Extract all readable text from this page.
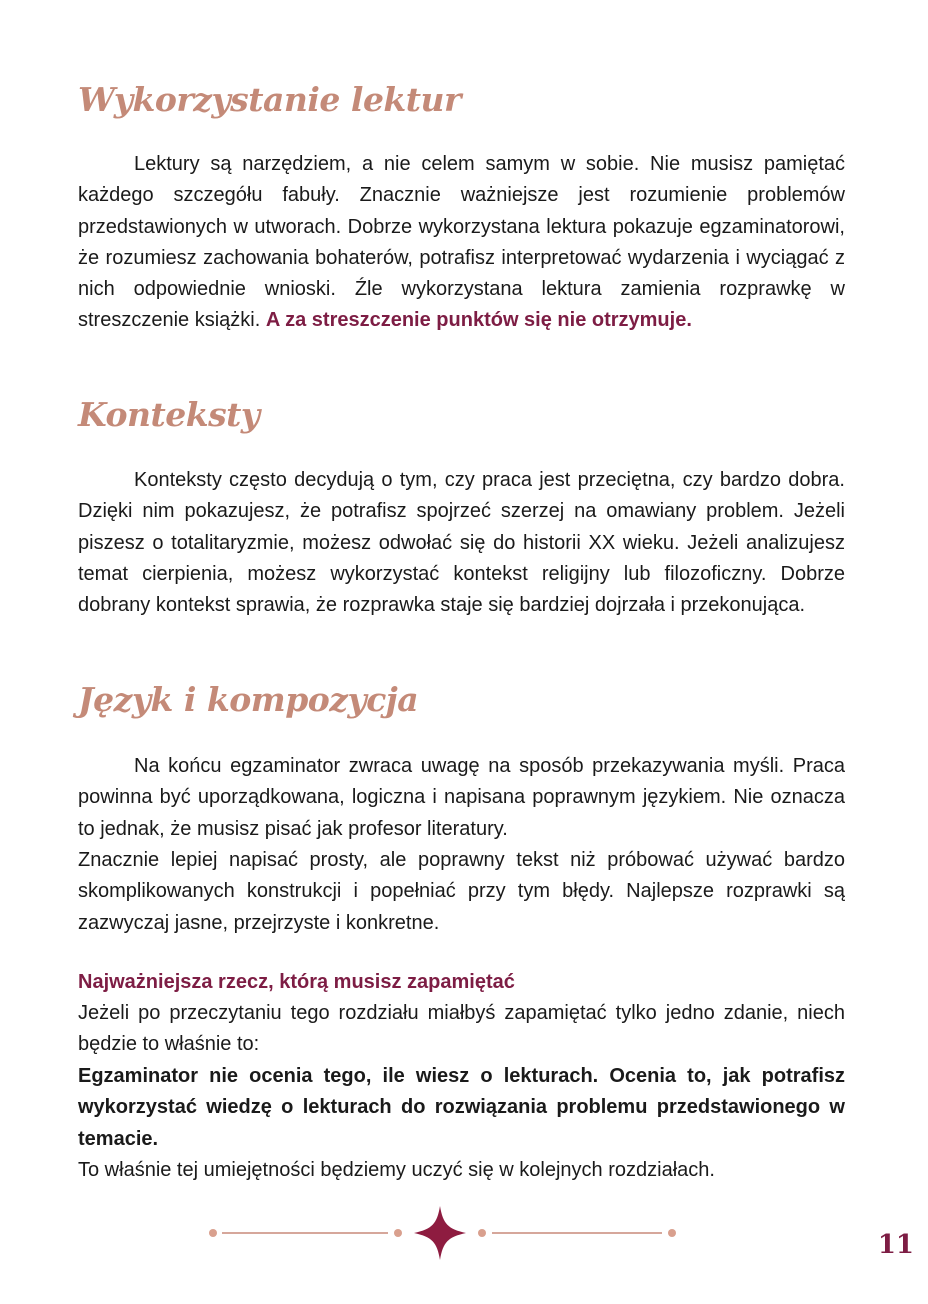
Wykorzystanie lektur

Lektury są narzędziem, a nie celem samym w sobie. Nie musisz pamiętać każdego szczegółu fabuły. Znacznie ważniejsze jest rozumienie problemów przedstawionych w utworach. Dobrze wykorzystana lektura pokazuje egzaminatorowi, że rozumiesz zachowania bohaterów, potrafisz interpretować wydarzenia i wyciągać z nich odpowiednie wnioski. Źle wykorzystana lektura zamienia rozprawkę w streszczenie książki. A za streszczenie punktów się nie otrzymuje.

Konteksty

Konteksty często decydują o tym, czy praca jest przeciętna, czy bardzo dobra. Dzięki nim pokazujesz, że potrafisz spojrzeć szerzej na omawiany problem. Jeżeli piszesz o totalitaryzmie, możesz odwołać się do historii XX wieku. Jeżeli analizujesz temat cierpienia, możesz wykorzystać kontekst religijny lub filozoficzny. Dobrze dobrany kontekst sprawia, że rozprawka staje się bardziej dojrzała i przekonująca.

Język i kompozycja

Na końcu egzaminator zwraca uwagę na sposób przekazywania myśli. Praca powinna być uporządkowana, logiczna i napisana poprawnym językiem. Nie oznacza to jednak, że musisz pisać jak profesor literatury.

Znacznie lepiej napisać prosty, ale poprawny tekst niż próbować używać bardzo skomplikowanych konstrukcji i popełniać przy tym błędy. Najlepsze rozprawki są zazwyczaj jasne, przejrzyste i konkretne.

Najważniejsza rzecz, którą musisz zapamiętać

Jeżeli po przeczytaniu tego rozdziału miałbyś zapamiętać tylko jedno zdanie, niech będzie to właśnie to:

Egzaminator nie ocenia tego, ile wiesz o lekturach. Ocenia to, jak potrafisz wykorzystać wiedzę o lekturach do rozwiązania problemu przedstawionego w temacie.

To właśnie tej umiejętności będziemy uczyć się w kolejnych rozdziałach.

11
